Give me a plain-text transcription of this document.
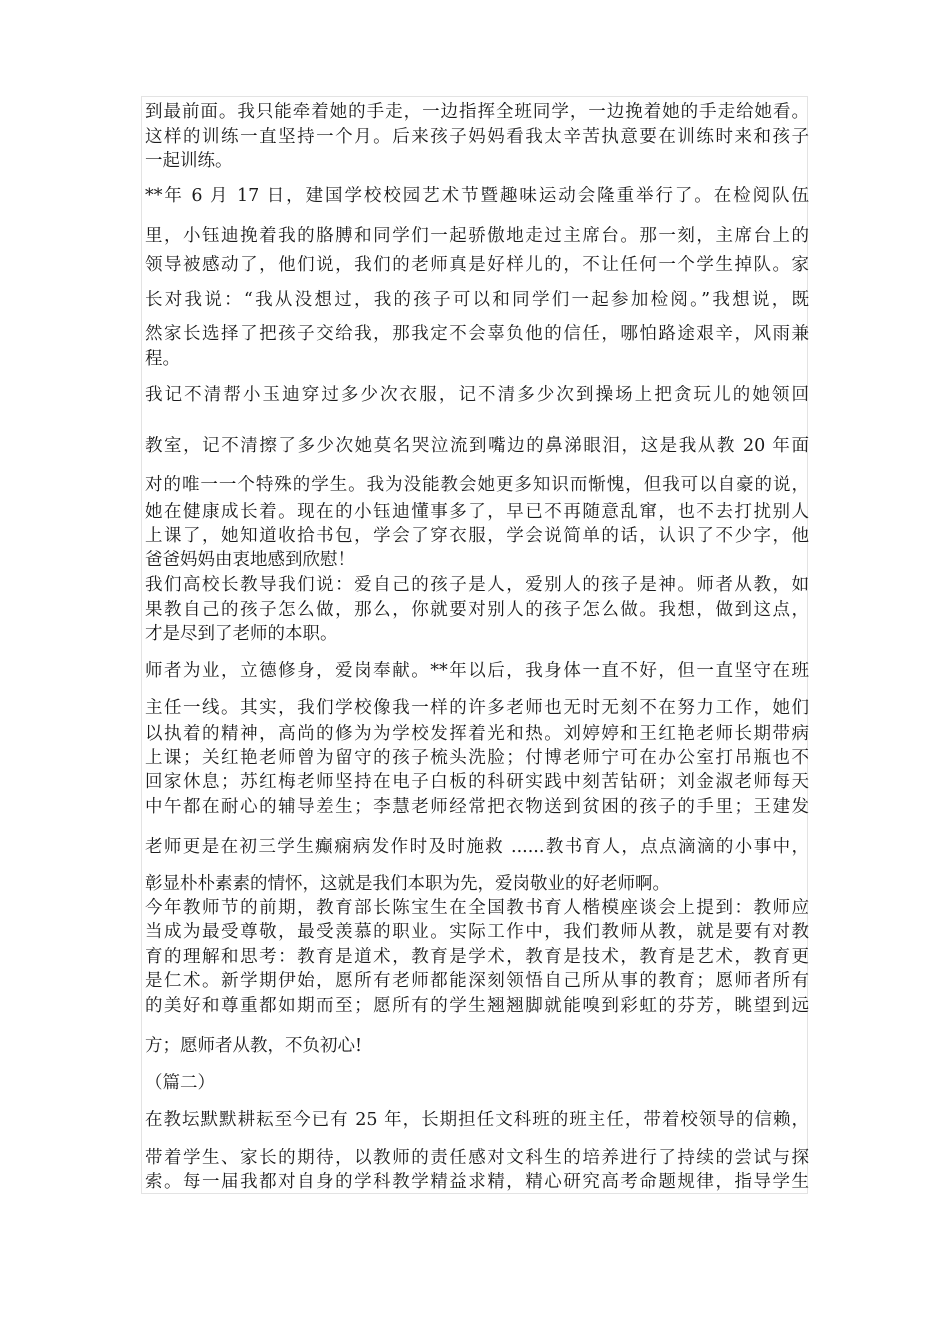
到最前面。我只能牵着她的手走，一边指挥全班同学，一边挽着她的手走给她看。
这样的训练一直坚持一个月。后来孩子妈妈看我太辛苦执意要在训练时来和孩子
一起训练。
**年 6 月 17 日，建国学校校园艺术节暨趣味运动会隆重举行了。在检阅队伍
里，小钰迪挽着我的胳膊和同学们一起骄傲地走过主席台。那一刻，主席台上的
领导被感动了，他们说，我们的老师真是好样儿的，不让任何一个学生掉队。家
长对我说：“我从没想过，我的孩子可以和同学们一起参加检阅。”我想说，既
然家长选择了把孩子交给我，那我定不会辜负他的信任，哪怕路途艰辛，风雨兼
程。
我记不清帮小玉迪穿过多少次衣服，记不清多少次到操场上把贪玩儿的她领回
教室，记不清擦了多少次她莫名哭泣流到嘴边的鼻涕眼泪，这是我从教 20 年面
对的唯一一个特殊的学生。我为没能教会她更多知识而惭愧，但我可以自豪的说，
她在健康成长着。现在的小钰迪懂事多了，早已不再随意乱窜，也不去打扰别人
上课了，她知道收拾书包，学会了穿衣服，学会说简单的话，认识了不少字，他
爸爸妈妈由衷地感到欣慰！
我们高校长教导我们说：爱自己的孩子是人，爱别人的孩子是神。师者从教，如
果教自己的孩子怎么做，那么，你就要对别人的孩子怎么做。我想，做到这点，
才是尽到了老师的本职。
师者为业，立德修身，爱岗奉献。**年以后，我身体一直不好，但一直坚守在班
主任一线。其实，我们学校像我一样的许多老师也无时无刻不在努力工作，她们
以执着的精神，高尚的修为为学校发挥着光和热。刘婷婷和王红艳老师长期带病
上课；关红艳老师曾为留守的孩子梳头洗脸；付博老师宁可在办公室打吊瓶也不
回家休息；苏红梅老师坚持在电子白板的科研实践中刻苦钻研；刘金淑老师每天
中午都在耐心的辅导差生；李慧老师经常把衣物送到贫困的孩子的手里；王建发
老师更是在初三学生癫痫病发作时及时施救 ......教书育人，点点滴滴的小事中，
彰显朴朴素素的情怀，这就是我们本职为先，爱岗敬业的好老师啊。
今年教师节的前期，教育部长陈宝生在全国教书育人楷模座谈会上提到：教师应
当成为最受尊敬，最受羡慕的职业。实际工作中，我们教师从教，就是要有对教
育的理解和思考：教育是道术，教育是学术，教育是技术，教育是艺术，教育更
是仁术。新学期伊始，愿所有老师都能深刻领悟自己所从事的教育；愿师者所有
的美好和尊重都如期而至；愿所有的学生翘翘脚就能嗅到彩虹的芬芳，眺望到远
方；愿师者从教，不负初心!
（篇二）
在教坛默默耕耘至今已有 25 年，长期担任文科班的班主任，带着校领导的信赖，
带着学生、家长的期待，以教师的责任感对文科生的培养进行了持续的尝试与探
索。每一届我都对自身的学科教学精益求精，精心研究高考命题规律，指导学生
